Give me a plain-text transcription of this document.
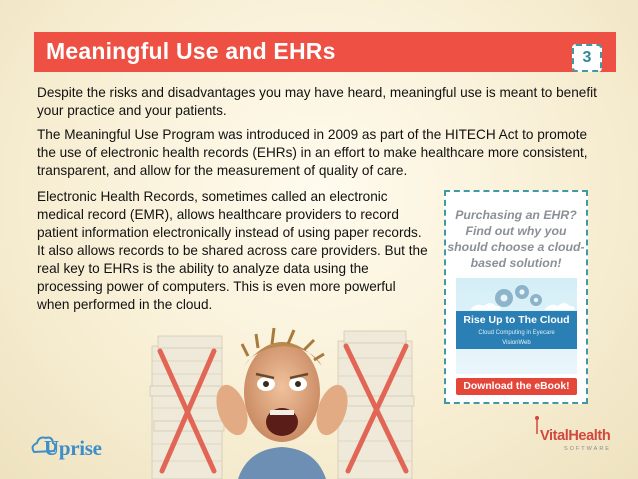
Meaningful Use and EHRs	3
Despite the risks and disadvantages you may have heard, meaningful use is meant to benefit your practice and your patients.
The Meaningful Use Program was introduced in 2009 as part of the HITECH Act to promote the use of electronic health records (EHRs) in an effort to make healthcare more consistent, transparent, and allow for the measurement of quality of care.
Electronic Health Records, sometimes called an electronic medical record (EMR), allows healthcare providers to record patient information electronically instead of using paper records. It also allows records to be shared across care providers. But the real key to EHRs is the ability to analyze data using the processing power of computers. This is even more powerful when performed in the cloud.
Purchasing an EHR? Find out why you should choose a cloud-based solution!
Rise Up to The Cloud
Cloud Computing in Eyecare
VisionWeb
Download the eBook!
Uprise	VitalHealth
SOFTWARE
